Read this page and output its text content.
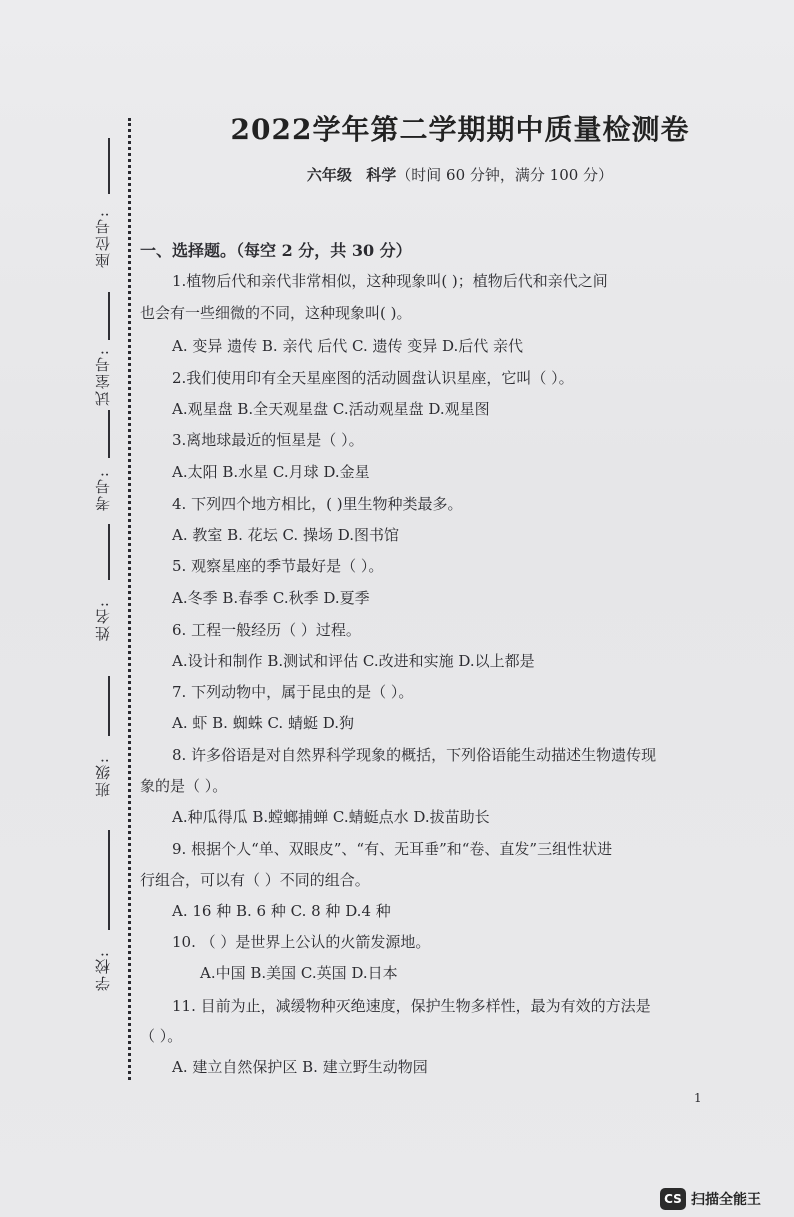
座位号:
试室号:
考号:
姓名:
班级:
学校:
2022学年第二学期期中质量检测卷
六年级 科学（时间 60 分钟，满分 100 分）
一、选择题。（每空 2 分，共 30 分）
1.植物后代和亲代非常相似，这种现象叫( )；植物后代和亲代之间
也会有一些细微的不同，这种现象叫( )。
A. 变异 遗传 B. 亲代 后代 C. 遗传 变异 D.后代 亲代
2.我们使用印有全天星座图的活动圆盘认识星座，它叫（ ）。
A.观星盘 B.全天观星盘 C.活动观星盘 D.观星图
3.离地球最近的恒星是（ ）。
A.太阳 B.水星 C.月球 D.金星
4. 下列四个地方相比，( )里生物种类最多。
A. 教室 B. 花坛 C. 操场 D.图书馆
5. 观察星座的季节最好是（ ）。
A.冬季 B.春季 C.秋季 D.夏季
6. 工程一般经历（ ）过程。
A.设计和制作 B.测试和评估 C.改进和实施 D.以上都是
7. 下列动物中，属于昆虫的是（ ）。
A. 虾 B. 蜘蛛 C. 蜻蜓 D.狗
8. 许多俗语是对自然界科学现象的概括，下列俗语能生动描述生物遗传现
象的是（ ）。
A.种瓜得瓜 B.螳螂捕蝉 C.蜻蜓点水 D.拔苗助长
9. 根据个人“单、双眼皮”、“有、无耳垂”和“卷、直发”三组性状进
行组合，可以有（ ）不同的组合。
A. 16 种 B. 6 种 C. 8 种 D.4 种
10. （ ）是世界上公认的火箭发源地。
A.中国 B.美国 C.英国 D.日本
11. 目前为止，减缓物种灭绝速度，保护生物多样性，最为有效的方法是
（ ）。
A. 建立自然保护区 B. 建立野生动物园
1
CS 扫描全能王
